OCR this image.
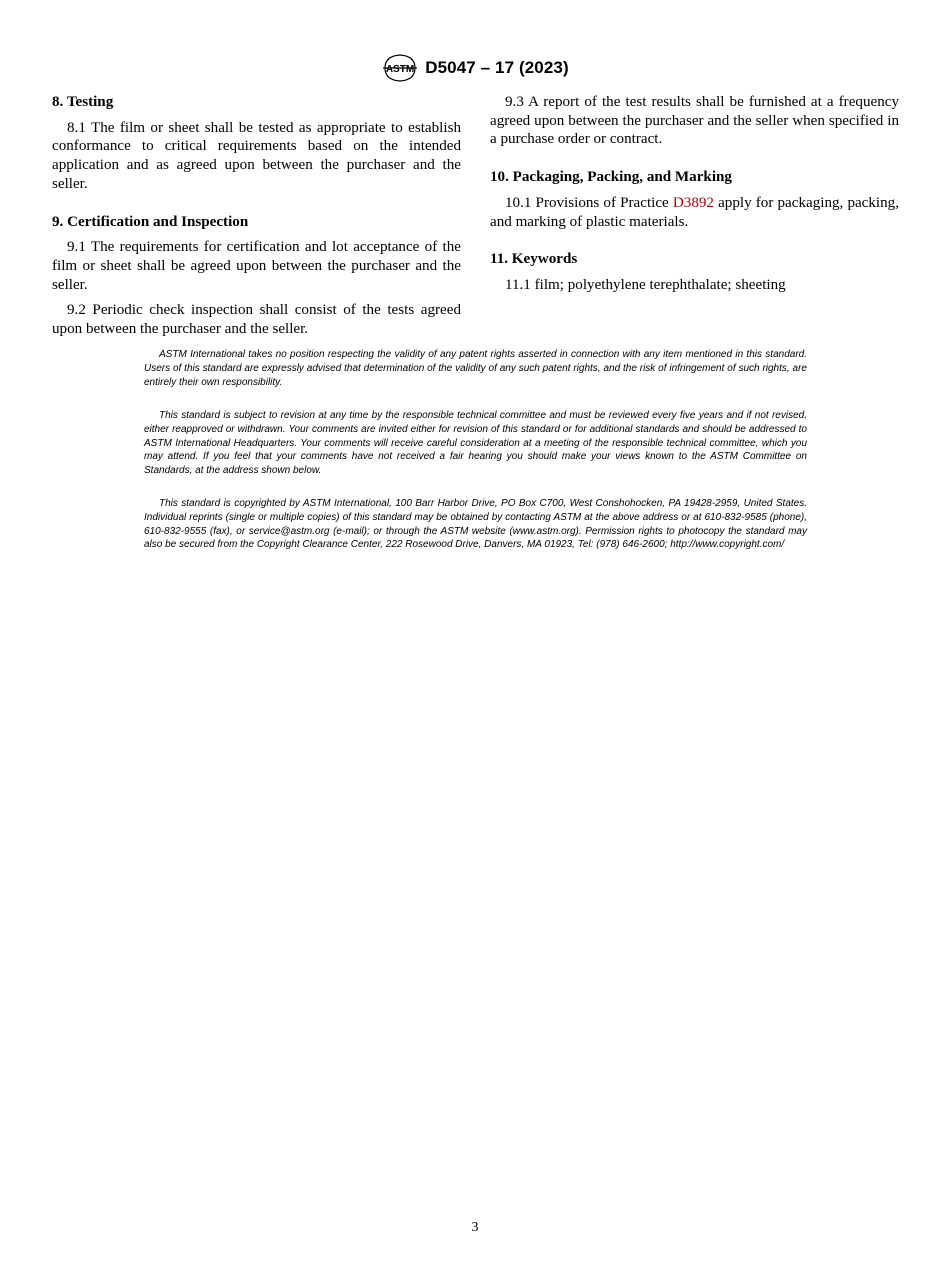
ASTM D5047 – 17 (2023)
8. Testing

8.1 The film or sheet shall be tested as appropriate to establish conformance to critical requirements based on the intended application and as agreed upon between the purchaser and the seller.

9. Certification and Inspection

9.1 The requirements for certification and lot acceptance of the film or sheet shall be agreed upon between the purchaser and the seller.

9.2 Periodic check inspection shall consist of the tests agreed upon between the purchaser and the seller.

9.3 A report of the test results shall be furnished at a frequency agreed upon between the purchaser and the seller when specified in a purchase order or contract.

10. Packaging, Packing, and Marking

10.1 Provisions of Practice D3892 apply for packaging, packing, and marking of plastic materials.

11. Keywords

11.1 film; polyethylene terephthalate; sheeting

ASTM International takes no position respecting the validity of any patent rights asserted in connection with any item mentioned in this standard. Users of this standard are expressly advised that determination of the validity of any such patent rights, and the risk of infringement of such rights, are entirely their own responsibility.

This standard is subject to revision at any time by the responsible technical committee and must be reviewed every five years and if not revised, either reapproved or withdrawn. Your comments are invited either for revision of this standard or for additional standards and should be addressed to ASTM International Headquarters. Your comments will receive careful consideration at a meeting of the responsible technical committee, which you may attend. If you feel that your comments have not received a fair hearing you should make your views known to the ASTM Committee on Standards, at the address shown below.

This standard is copyrighted by ASTM International, 100 Barr Harbor Drive, PO Box C700, West Conshohocken, PA 19428-2959, United States. Individual reprints (single or multiple copies) of this standard may be obtained by contacting ASTM at the above address or at 610-832-9585 (phone), 610-832-9555 (fax), or service@astm.org (e-mail); or through the ASTM website (www.astm.org). Permission rights to photocopy the standard may also be secured from the Copyright Clearance Center, 222 Rosewood Drive, Danvers, MA 01923, Tel: (978) 646-2600; http://www.copyright.com/

3
